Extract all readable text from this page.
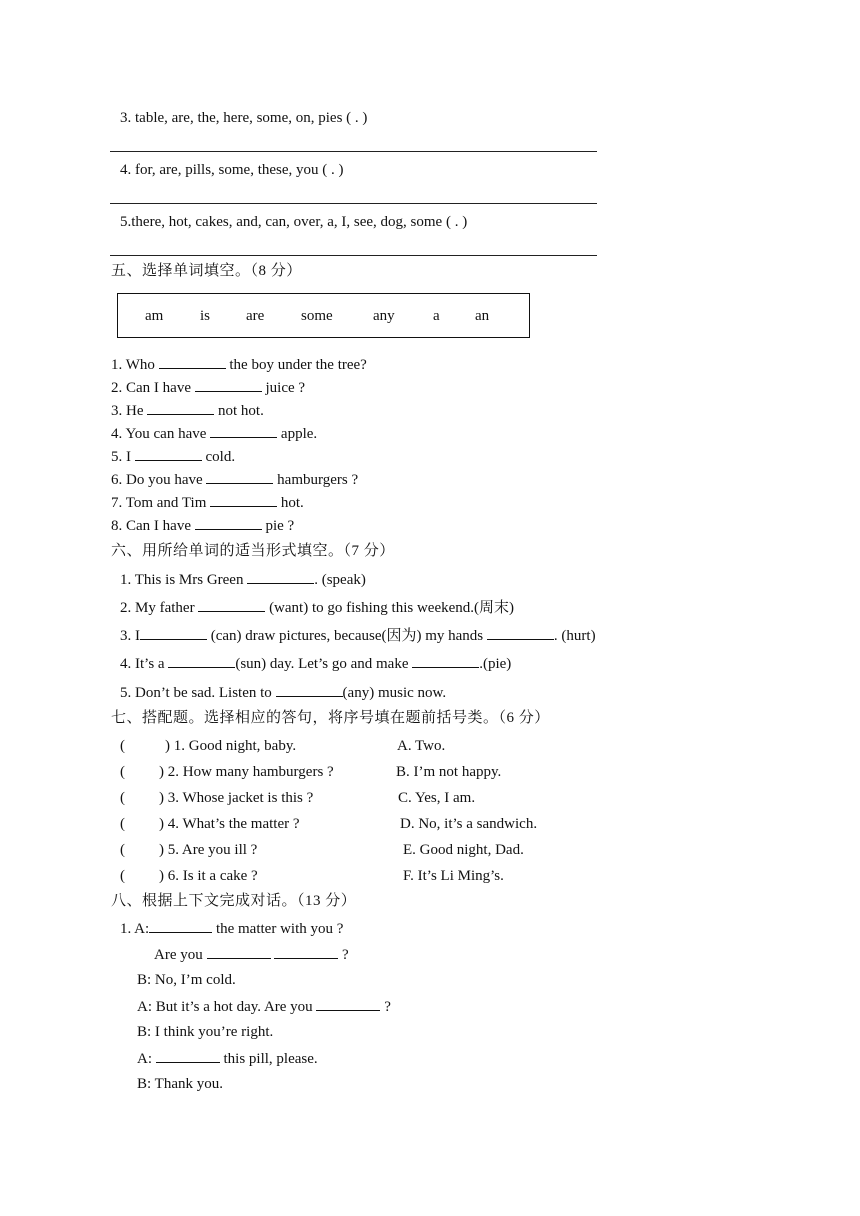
3. table, are, the, here, some, on, pies ( . )
4. for, are, pills, some, these, you ( . )
5.there, hot, cakes, and, can, over, a, I, see, dog, some ( . )
五、选择单词填空。（8 分）
am is are some	any	a an
1. Who	the boy under the tree?
2. Can I have	juice ?
3. He	not hot.
4. You can have	apple.
5. I	cold.
6. Do you have	hamburgers ?
7. Tom and Tim	hot.
8. Can I have	pie ?
六、用所给单词的适当形式填空。（7 分）
1. This is Mrs Green	. (speak)
2. My father	(want) to go fishing this weekend.(周末)
3. I	(can) draw pictures, because(因为) my hands	. (hurt)
4. It’s a	(sun) day. Let’s go and make	.(pie)
5. Don’t be sad. Listen to	(any) music now.
七、搭配题。选择相应的答句，将序号填在题前括号类。（6 分）
(	) 1. Good night, baby.	A. Two.
( ) 2. How many hamburgers ?	B. I’m not happy.
( ) 3. Whose jacket is this ?	C. Yes, I am.
( ) 4. What’s the matter ?	D. No, it’s a sandwich.
( ) 5. Are you ill ?	E. Good night, Dad.
( ) 6. Is it a cake ?	F. It’s Li Ming’s.
八、根据上下文完成对话。（13 分）
1. A:	the matter with you ?
Are you	?
B: No, I’m cold.
A: But it’s a hot day. Are you	?
B: I think you’re right.
A:	this pill, please.
B: Thank you.
